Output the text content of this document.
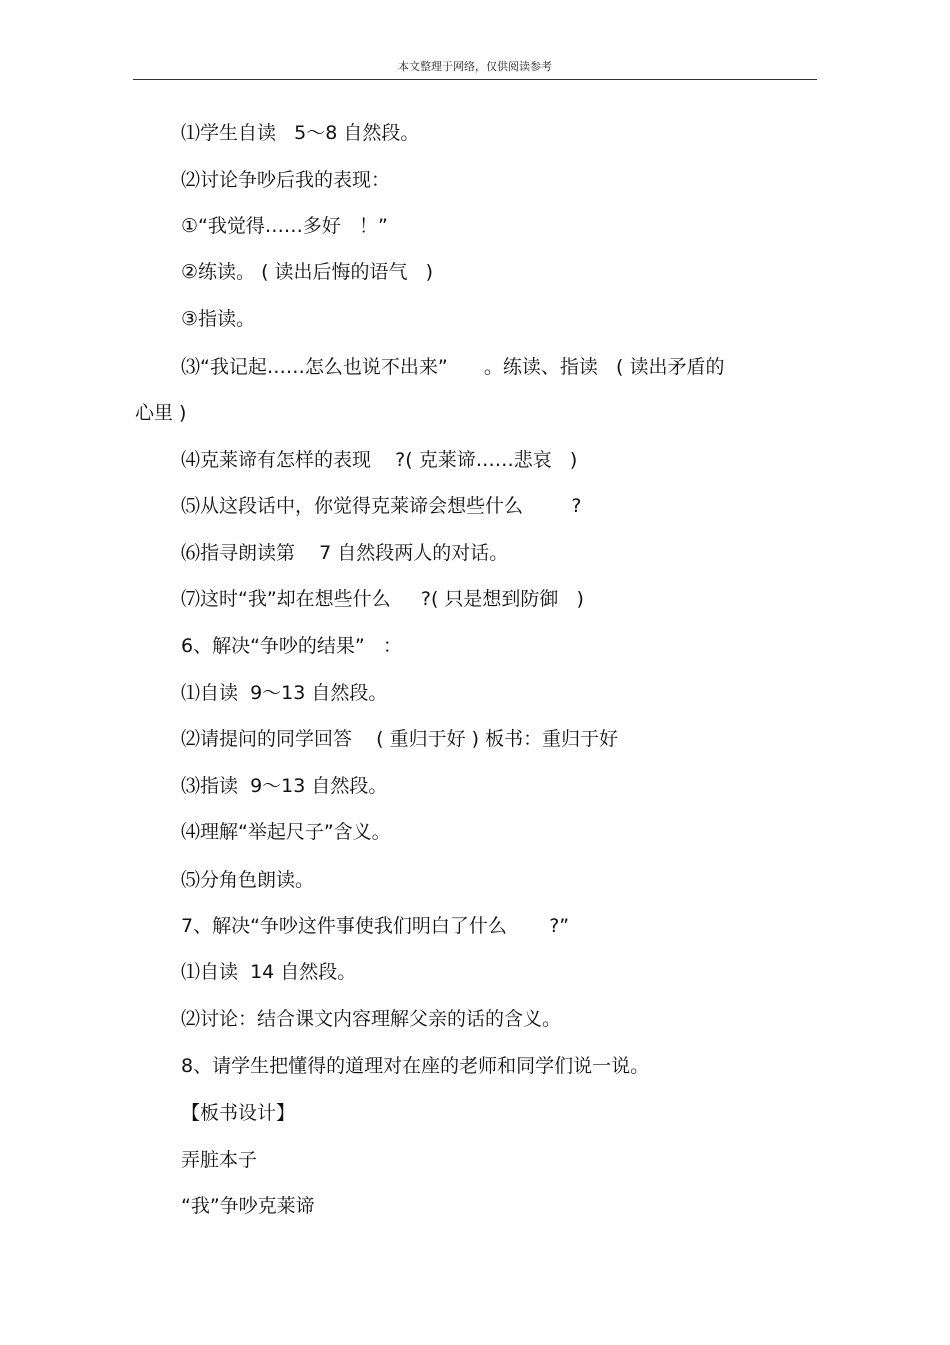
本文整理于网络，仅供阅读参考
⑴学生自读   5～8 自然段。
⑵讨论争吵后我的表现：
①“我觉得……多好   ！”
②练读。 ( 读出后悔的语气   )
③指读。
⑶“我记起……怎么也说不出来”      。练读、指读   ( 读出矛盾的
心里 )
⑷克莱谛有怎样的表现    ?( 克莱谛……悲哀   )
⑸从这段话中，你觉得克莱谛会想些什么        ?
⑹指寻朗读第    7 自然段两人的对话。
⑺这时“我”却在想些什么     ?( 只是想到防御   )
6、解决“争吵的结果”   ：
⑴自读  9～13 自然段。
⑵请提问的同学回答    ( 重归于好 ) 板书：重归于好
⑶指读  9～13 自然段。
⑷理解“举起尺子”含义。
⑸分角色朗读。
7、解决“争吵这件事使我们明白了什么       ?”
⑴自读  14 自然段。
⑵讨论：结合课文内容理解父亲的话的含义。
8、请学生把懂得的道理对在座的老师和同学们说一说。
【板书设计】
弄脏本子
“我”争吵克莱谛
